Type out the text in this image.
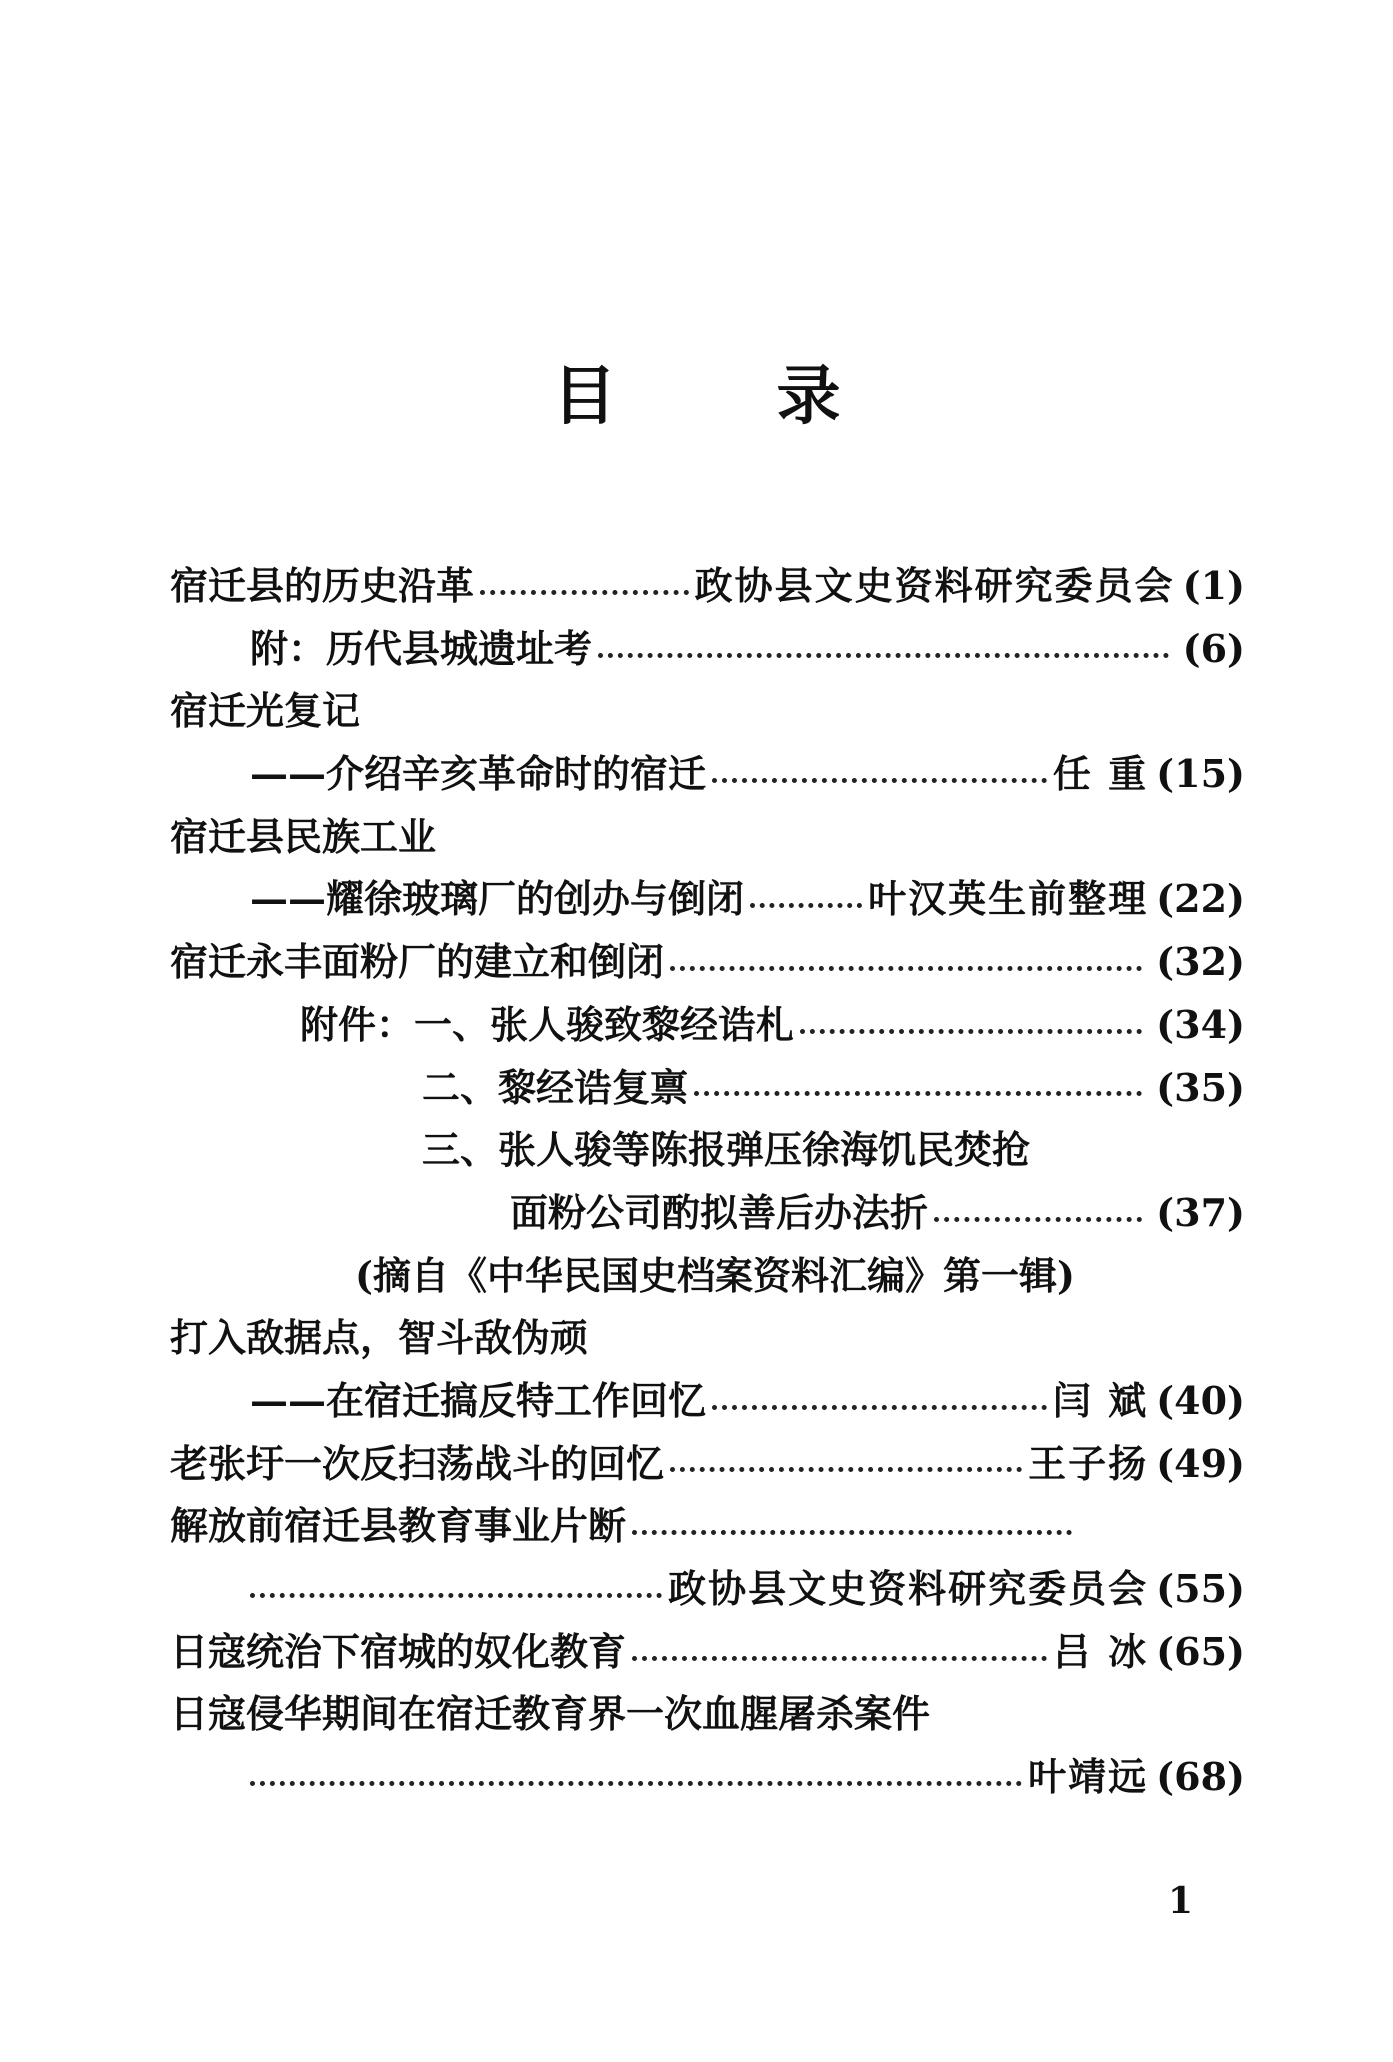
目	录
宿迁县的历史沿革	政协县文史资料研究委员会 (1)
附：历代县城遗址考	(6)
宿迁光复记
——介绍辛亥革命时的宿迁	任 重 (15)
宿迁县民族工业
——耀徐玻璃厂的创办与倒闭	叶汉英生前整理 (22)
宿迁永丰面粉厂的建立和倒闭	(32)
附件：一、张人骏致黎经诰札	(34)
二、黎经诰复禀	(35)
三、张人骏等陈报弹压徐海饥民焚抢
面粉公司酌拟善后办法折	(37)
(摘自《中华民国史档案资料汇编》第一辑)
打入敌据点，智斗敌伪顽
——在宿迁搞反特工作回忆	闫 斌 (40)
老张圩一次反扫荡战斗的回忆	王子扬 (49)
解放前宿迁县教育事业片断
政协县文史资料研究委员会 (55)
日寇统治下宿城的奴化教育	吕 冰 (65)
日寇侵华期间在宿迁教育界一次血腥屠杀案件
叶靖远 (68)
1
